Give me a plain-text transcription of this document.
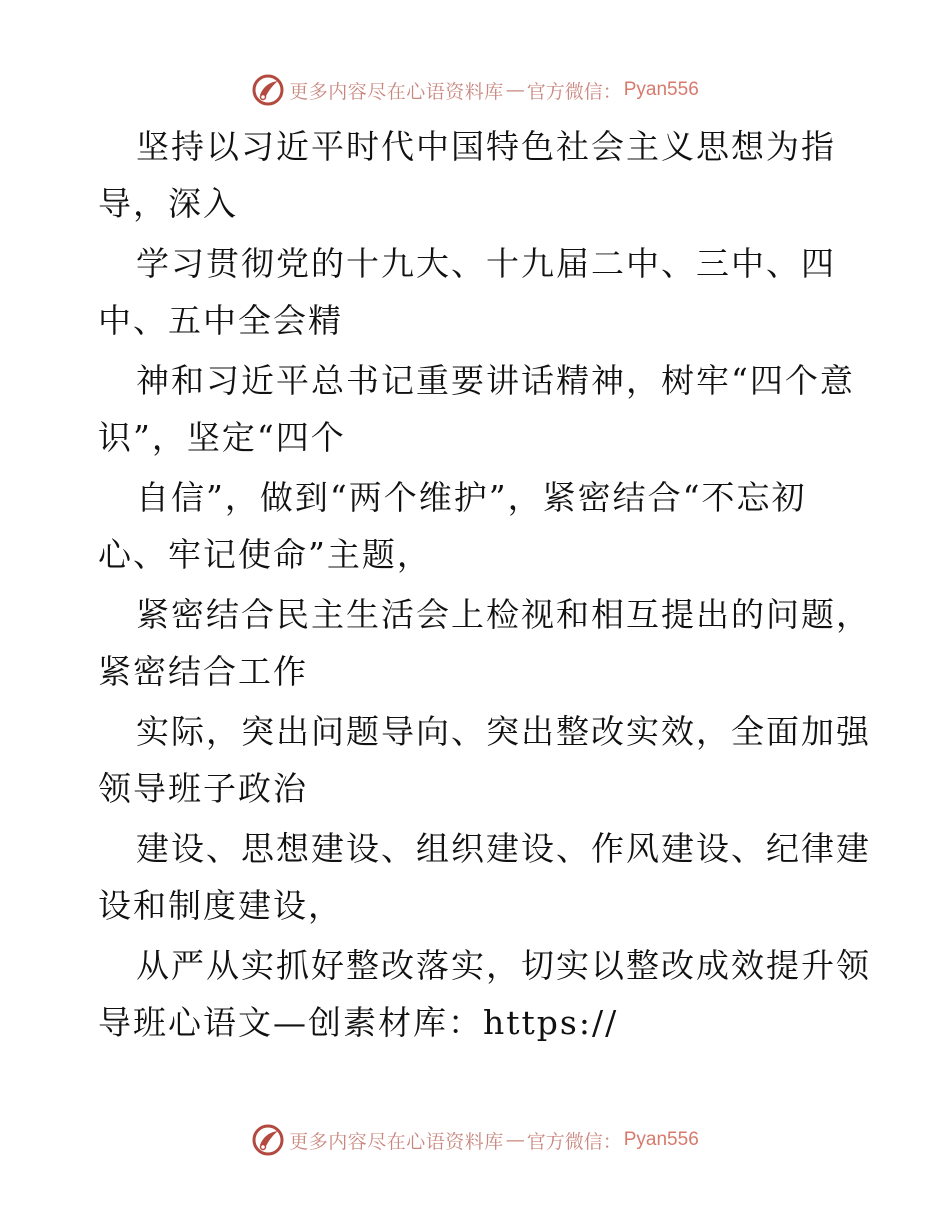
更多内容尽在心语资料库 — 官方微信： Pyan556
坚持以习近平时代中国特色社会主义思想为指
导，深入
学习贯彻党的十九大、十九届二中、三中、四
中、五中全会精
神和习近平总书记重要讲话精神，树牢“四个意
识”，坚定“四个
自信”，做到“两个维护”，紧密结合“不忘初
心、牢记使命”主题，
紧密结合民主生活会上检视和相互提出的问题，
紧密结合工作
实际，突出问题导向、突出整改实效，全面加强
领导班子政治
建设、思想建设、组织建设、作风建设、纪律建
设和制度建设，
从严从实抓好整改落实，切实以整改成效提升领
导班心语文—创素材库：https://
更多内容尽在心语资料库 — 官方微信： Pyan556
